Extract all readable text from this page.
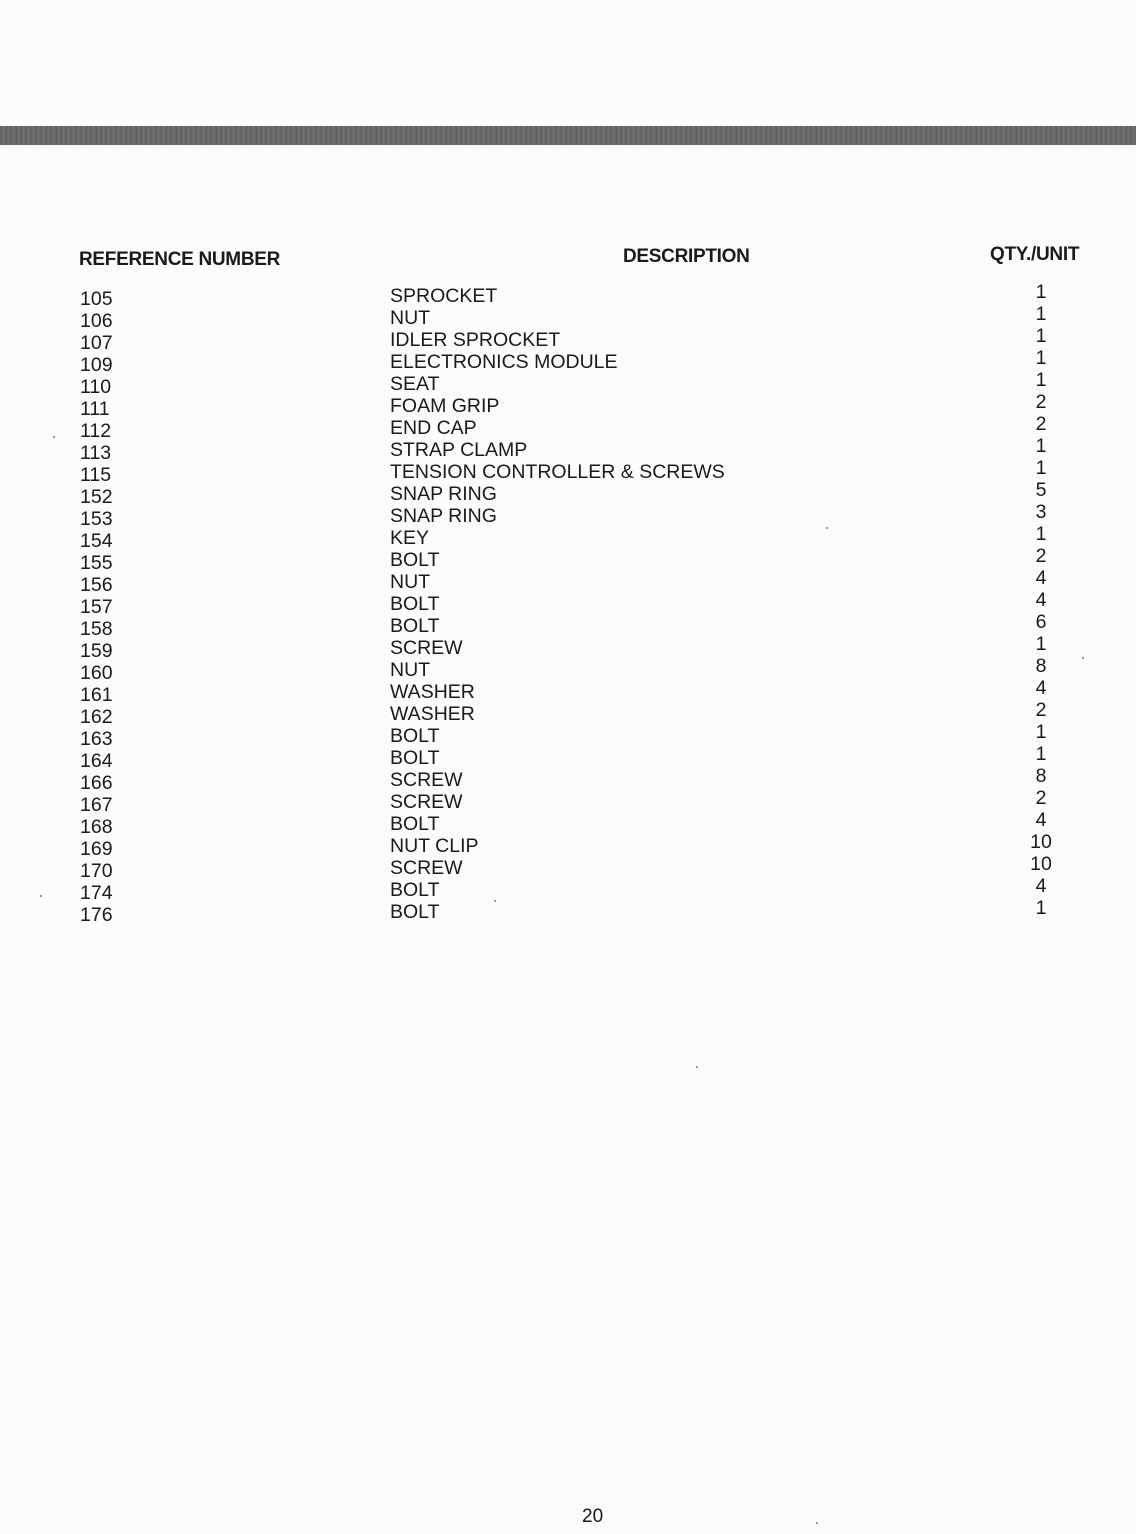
REFERENCE NUMBER	DESCRIPTION	QTY./UNIT
105	SPROCKET	1
106	NUT	1
107	IDLER SPROCKET	1
109	ELECTRONICS MODULE	1
110	SEAT	1
111	FOAM GRIP	2
112	END CAP	2
113	STRAP CLAMP	1
115	TENSION CONTROLLER & SCREWS	1
152	SNAP RING	5
153	SNAP RING	3
154	KEY	1
155	BOLT	2
156	NUT	4
157	BOLT	4
158	BOLT	6
159	SCREW	1
160	NUT	8
161	WASHER	4
162	WASHER	2
163	BOLT	1
164	BOLT	1
166	SCREW	8
167	SCREW	2
168	BOLT	4
169	NUT CLIP	10
170	SCREW	10
174	BOLT	4
176	BOLT	1
20
